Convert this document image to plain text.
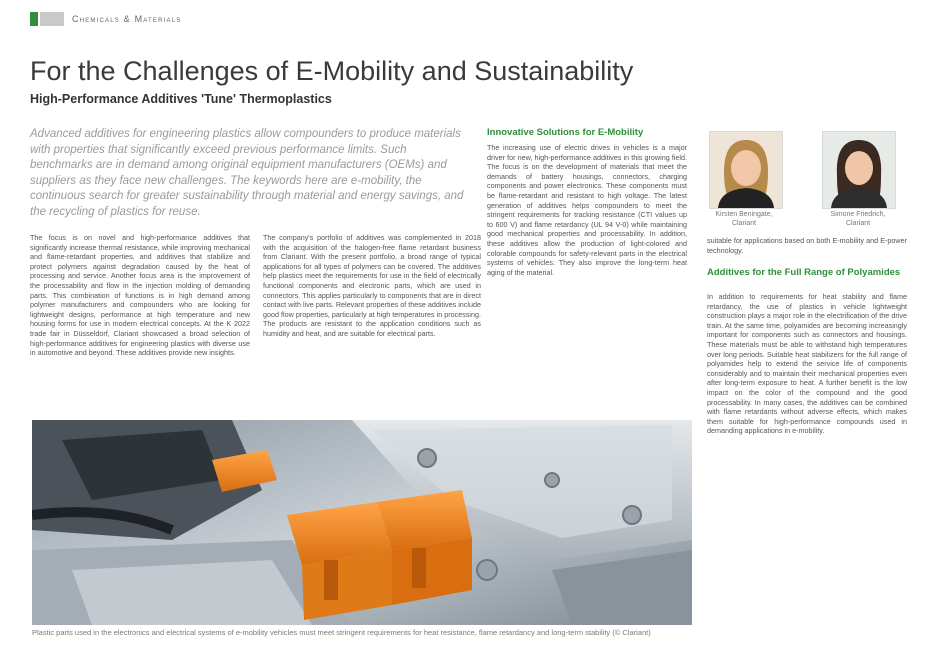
Chemicals & Materials
For the Challenges of E-Mobility and Sustainability
High-Performance Additives 'Tune' Thermoplastics
Advanced additives for engineering plastics allow compounders to produce materials with properties that significantly exceed previous performance limits. Such benchmarks are in demand among original equipment manufacturers (OEMs) and suppliers as they face new challenges. The keywords here are e-mobility, the continuous search for greater sustainability through material and energy savings, and the recycling of plastics for reuse.
The focus is on novel and high-performance additives that significantly increase thermal resistance, while improving mechanical and flame-retardant properties, and additives that stabilize and protect polymers against degradation caused by the heat of processing and service. Another focus area is the improvement of the processability and flow in the injection molding of demanding parts. This combination of functions is in high demand among polymer manufacturers and compounders who are looking for lightweight designs, performance at high temperature and new housing forms for use in modern electrical concepts. At the K 2022 trade fair in Düsseldorf, Clariant showcased a broad selection of high-performance additives for engineering plastics with diverse use in automotive and beyond. These additives provide new insights.
The company's portfolio of additives was complemented in 2018 with the acquisition of the halogen-free flame retardant business from Clariant. With the present portfolio, a broad range of typical applications for all types of polymers can be covered. The additives help plastics meet the requirements for use in the field of electrically functional components and electronic parts, which are used in connectors. This applies particularly to components that are in direct contact with live parts. Relevant properties of these additives include good flow properties, particularly at high temperatures in processing. The products are resistant to the application conditions such as humidity and heat, and are suitable for electrical parts.
Innovative Solutions for E-Mobility
The increasing use of electric drives in vehicles is a major driver for new, high-performance additives in this growing field. The focus is on the development of materials that meet the demands of battery housings, connectors, charging components and power electronics. These components must be flame-retardant and resistant to high voltage. The latest generation of additives helps compounders to meet the stringent requirements for tracking resistance (CTI values up to 600 V) and flame retardancy (UL 94 V-0) while maintaining good mechanical properties and processability. In addition, these additives allow the production of light-colored and colorable compounds for safety-relevant parts in the electrical systems of vehicles. They also improve the long-term heat aging of the material.
Kirsten Beningate, Clariant
Simone Friedrich, Clariant
suitable for applications based on both E-mobility and E-power technology.
Additives for the Full Range of Polyamides
In addition to requirements for heat stability and flame retardancy, the use of plastics in vehicle lightweight construction plays a major role in the electrification of the drive train. At the same time, polyamides are becoming increasingly important for components such as connectors and housings. These materials must be able to withstand high temperatures over long periods. Suitable heat stabilizers for the full range of polyamides help to extend the service life of components considerably and to maintain their mechanical properties even after long-term exposure to heat. A further benefit is the low impact on the color of the compound and the good processability. In many cases, the additives can be combined with flame retardants without adverse effects, which makes them suitable for high-performance compounds used in demanding applications in e-mobility.
Plastic parts used in the electronics and electrical systems of e-mobility vehicles must meet stringent requirements for heat resistance, flame retardancy and long-term stability (© Clariant)
